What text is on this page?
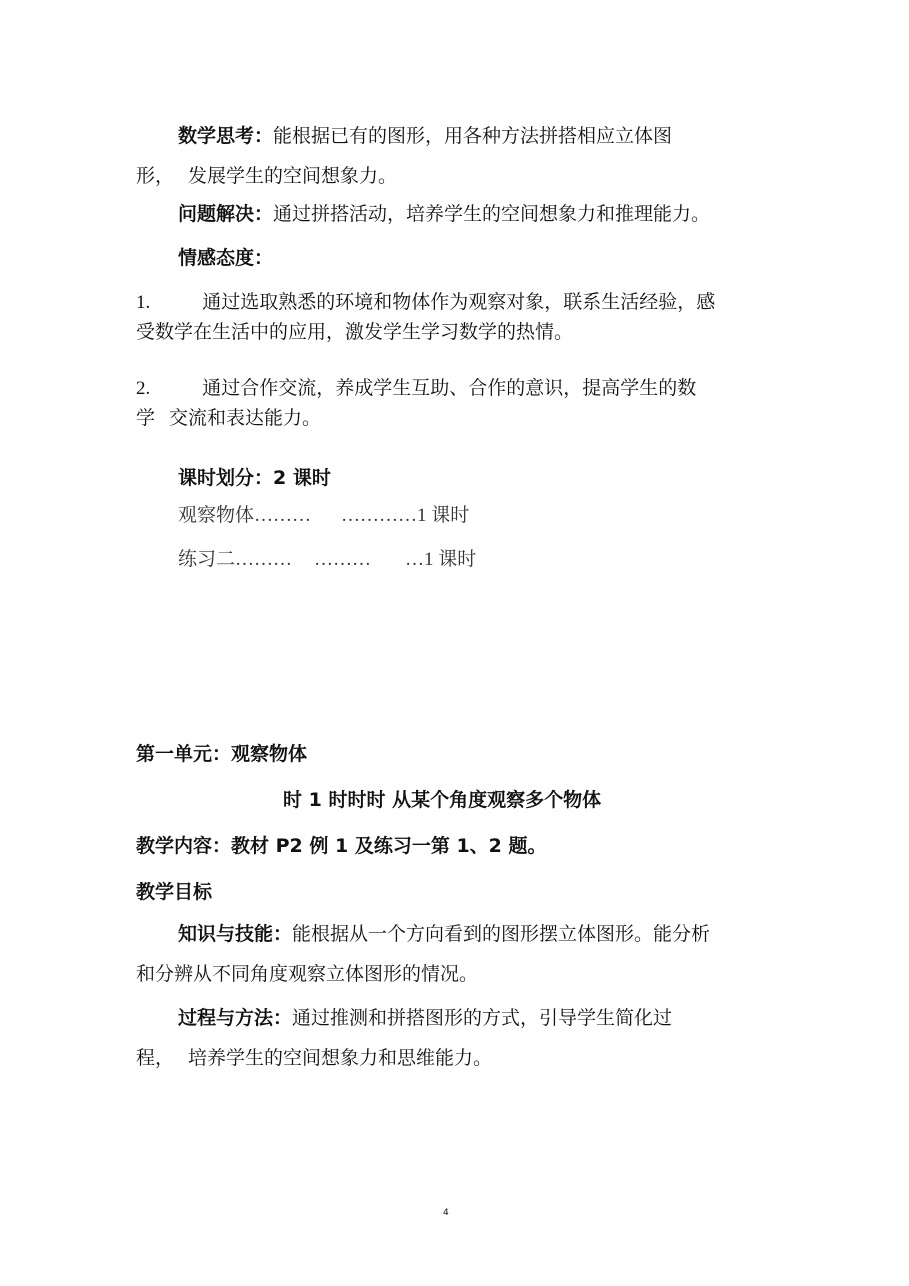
数学思考：能根据已有的图形，用各种方法拼搭相应立体图
形， 发展学生的空间想象力。
问题解决：通过拼搭活动，培养学生的空间想象力和推理能力。
情感态度：
1.	通过选取熟悉的环境和物体作为观察对象，联系生活经验，感
受数学在生活中的应用，激发学生学习数学的热情。
2.	通过合作交流，养成学生互助、合作的意识，提高学生的数
学 交流和表达能力。
课时划分：2 课时
观察物体……… …………1 课时
练习二……… ……… …1 课时
第一单元：观察物体
时 1 时时时 从某个角度观察多个物体
教学内容：教材 P2 例 1 及练习一第 1、2 题。
教学目标
知识与技能：能根据从一个方向看到的图形摆立体图形。能分析
和分辨从不同角度观察立体图形的情况。
过程与方法：通过推测和拼搭图形的方式，引导学生简化过
程， 培养学生的空间想象力和思维能力。
4
